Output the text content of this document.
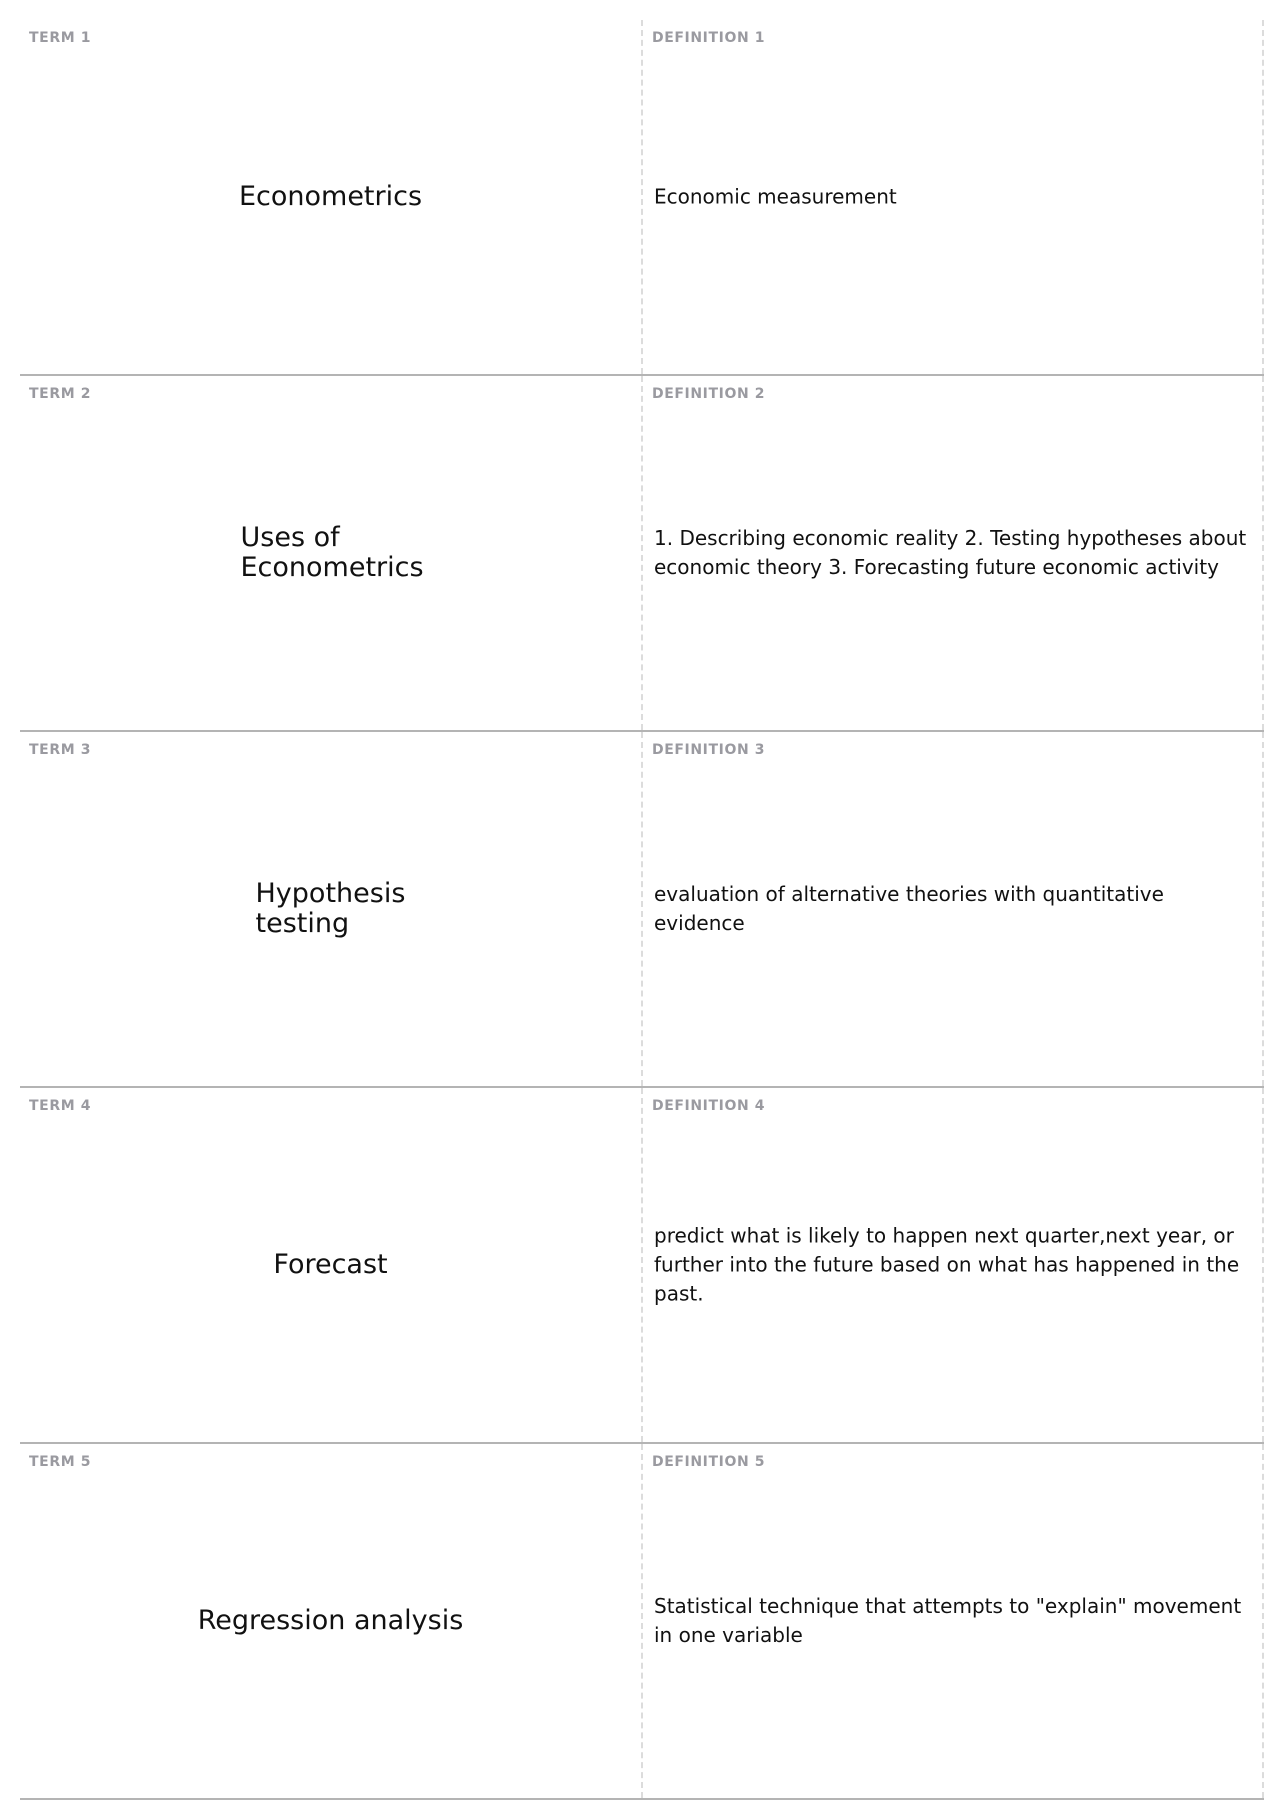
TERM 1
Econometrics
DEFINITION 1
Economic measurement
TERM 2
Uses of Econometrics
DEFINITION 2
1. Describing economic reality 2. Testing hypotheses about economic theory 3. Forecasting future economic activity
TERM 3
Hypothesis testing
DEFINITION 3
evaluation of alternative theories with quantitative evidence
TERM 4
Forecast
DEFINITION 4
predict what is likely to happen next quarter,next year, or further into the future based on what has happened in the past.
TERM 5
Regression analysis
DEFINITION 5
Statistical technique that attempts to "explain" movement in one variable
